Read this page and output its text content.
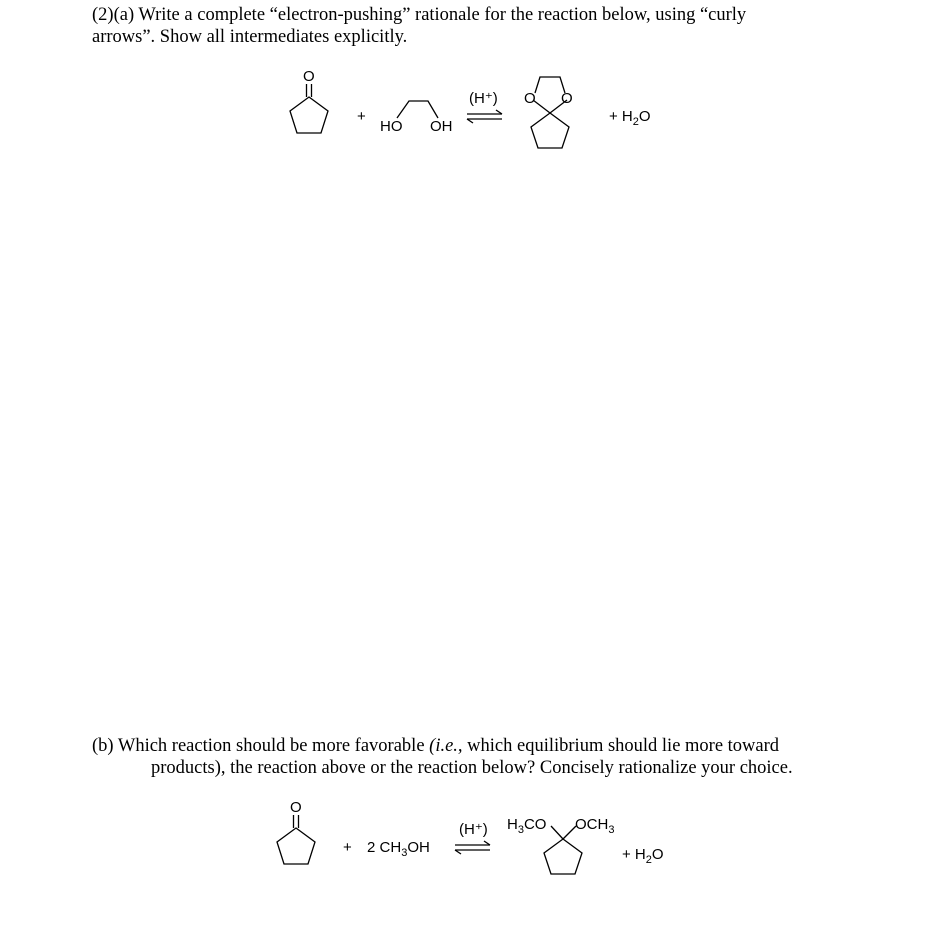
(2)(a) Write a complete “electron-pushing” rationale for the reaction below, using “curly
arrows”. Show all intermediates explicitly.
(b) Which reaction should be more favorable (i.e., which equilibrium should lie more toward
products), the reaction above or the reaction below? Concisely rationalize your choice.
O
+
HO OH
(H⁺) O O
+ $H_2O$
O
+ 2 $CH_3OH$
(H⁺) $H_3CO$ $OCH_3$
+ $H_2O$
